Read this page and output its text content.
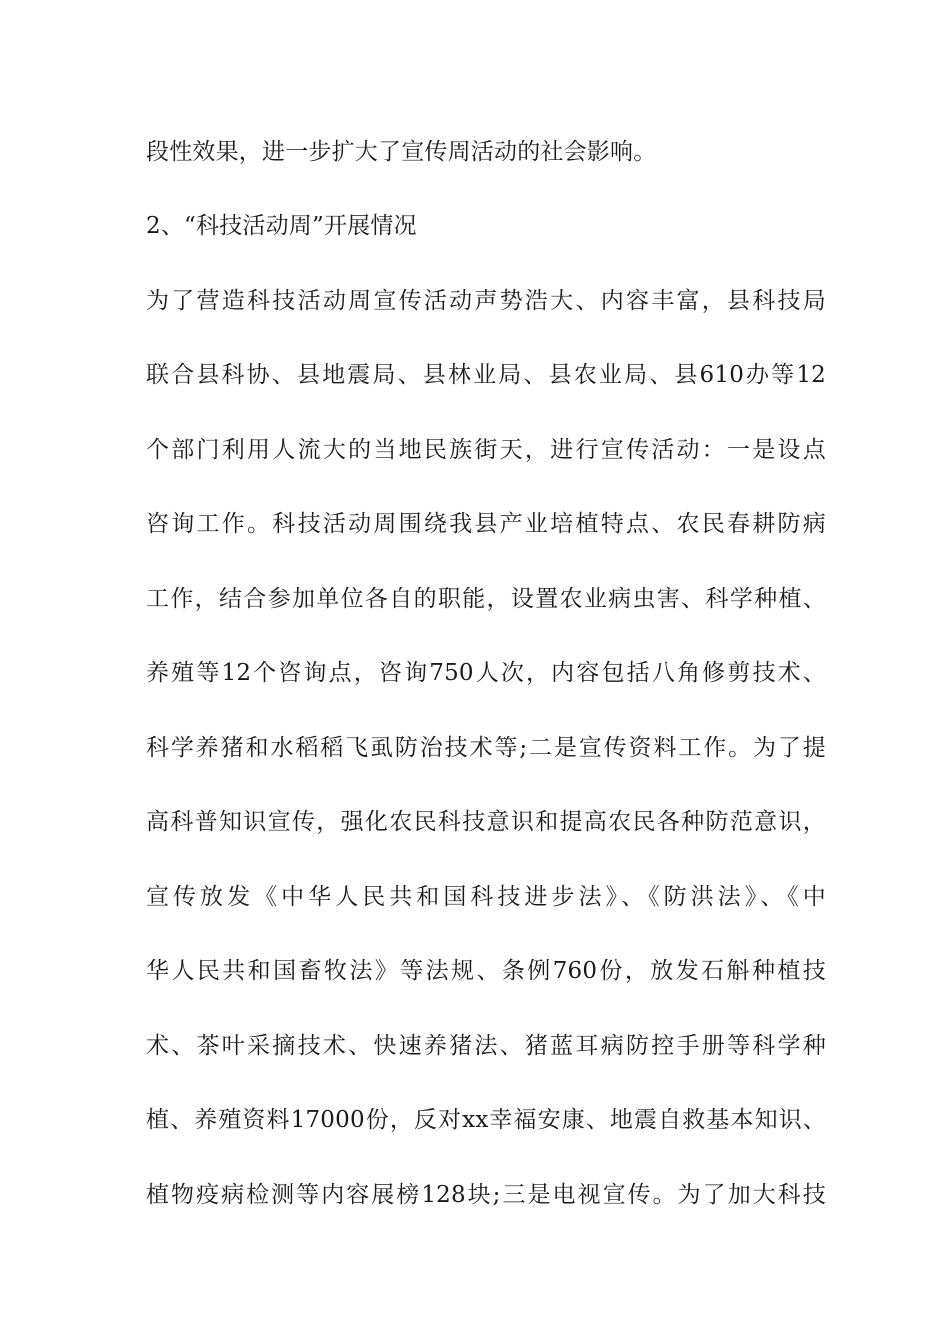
段性效果，进一步扩大了宣传周活动的社会影响。
2、“科技活动周”开展情况
为了营造科技活动周宣传活动声势浩大、内容丰富，县科技局
联合县科协、县地震局、县林业局、县农业局、县610办等12
个部门利用人流大的当地民族街天，进行宣传活动：一是设点
咨询工作。科技活动周围绕我县产业培植特点、农民春耕防病
工作，结合参加单位各自的职能，设置农业病虫害、科学种植、
养殖等12个咨询点，咨询750人次，内容包括八角修剪技术、
科学养猪和水稻稻飞虱防治技术等;二是宣传资料工作。为了提
高科普知识宣传，强化农民科技意识和提高农民各种防范意识，
宣传放发《中华人民共和国科技进步法》、《防洪法》、《中
华人民共和国畜牧法》等法规、条例760份，放发石斛种植技
术、茶叶采摘技术、快速养猪法、猪蓝耳病防控手册等科学种
植、养殖资料17000份，反对xx幸福安康、地震自救基本知识、
植物疫病检测等内容展榜128块;三是电视宣传。为了加大科技
